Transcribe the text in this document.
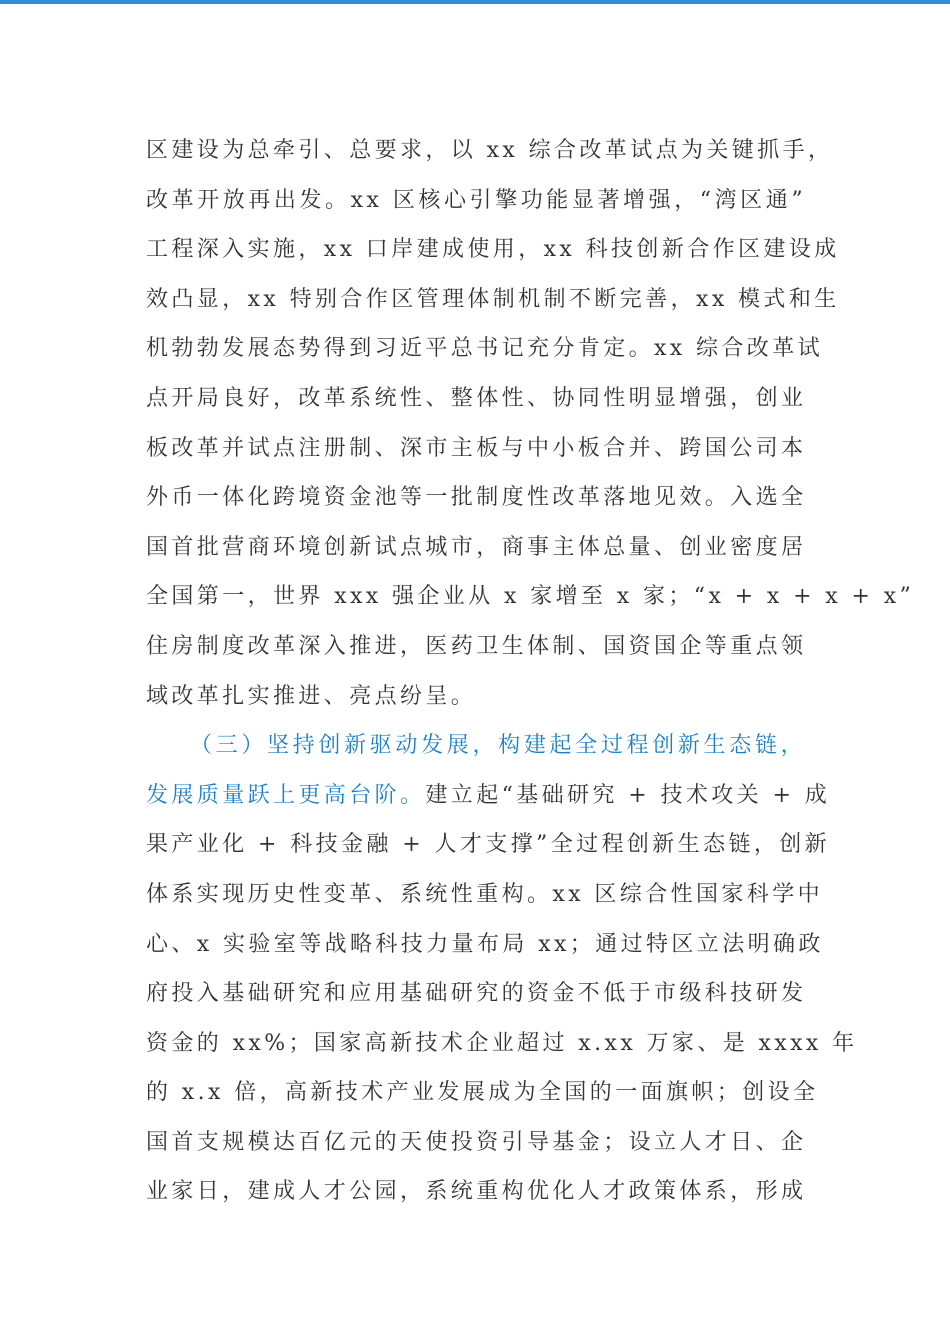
区建设为总牵引、总要求，以 xx 综合改革试点为关键抓手，
改革开放再出发。xx 区核心引擎功能显著增强，“湾区通”
工程深入实施，xx 口岸建成使用，xx 科技创新合作区建设成
效凸显，xx 特别合作区管理体制机制不断完善，xx 模式和生
机勃勃发展态势得到习近平总书记充分肯定。xx 综合改革试
点开局良好，改革系统性、整体性、协同性明显增强，创业
板改革并试点注册制、深市主板与中小板合并、跨国公司本
外币一体化跨境资金池等一批制度性改革落地见效。入选全
国首批营商环境创新试点城市，商事主体总量、创业密度居
全国第一，世界 xxx 强企业从 x 家增至 x 家；“x + x + x + x”
住房制度改革深入推进，医药卫生体制、国资国企等重点领
域改革扎实推进、亮点纷呈。
（三）坚持创新驱动发展，构建起全过程创新生态链，
发展质量跃上更高台阶。建立起“基础研究 + 技术攻关 + 成
果产业化 + 科技金融 + 人才支撑”全过程创新生态链，创新
体系实现历史性变革、系统性重构。xx 区综合性国家科学中
心、x 实验室等战略科技力量布局 xx；通过特区立法明确政
府投入基础研究和应用基础研究的资金不低于市级科技研发
资金的 xx%；国家高新技术企业超过 x.xx 万家、是 xxxx 年
的 x.x 倍，高新技术产业发展成为全国的一面旗帜；创设全
国首支规模达百亿元的天使投资引导基金；设立人才日、企
业家日，建成人才公园，系统重构优化人才政策体系，形成
